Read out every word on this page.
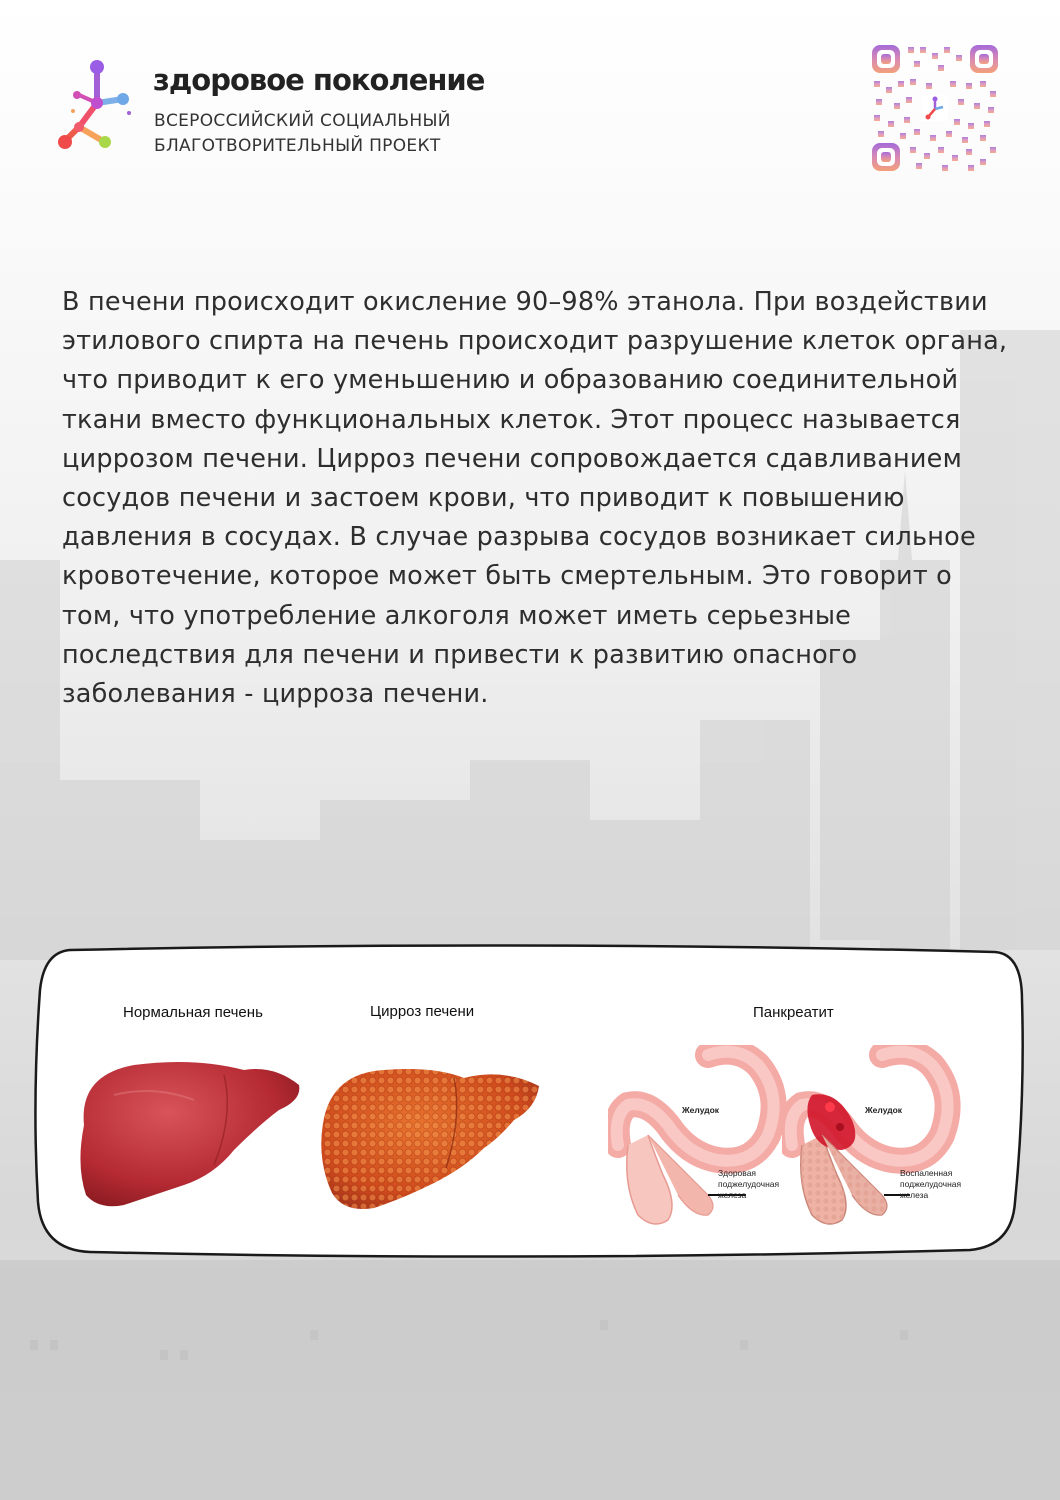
здоровое поколение

ВСЕРОССИЙСКИЙ СОЦИАЛЬНЫЙ
БЛАГОТВОРИТЕЛЬНЫЙ ПРОЕКТ

В печени происходит окисление 90–98% этанола. При воздействии этилового спирта на печень происходит разрушение клеток органа, что приводит к его уменьшению и образованию соединительной ткани вместо функциональных клеток. Этот процесс называется циррозом печени. Цирроз печени сопровождается сдавливанием сосудов печени и застоем крови, что приводит к повышению давления в сосудах. В случае разрыва сосудов возникает сильное кровотечение, которое может быть смертельным. Это говорит о том, что употребление алкоголя может иметь серьезные последствия для печени и привести к развитию опасного заболевания - цирроза печени.

Нормальная печень	Цирроз печени	Панкреатит

Желудок

Здоровая
поджелудочная
железа

Желудок

Воспаленная
поджелудочная
железа
